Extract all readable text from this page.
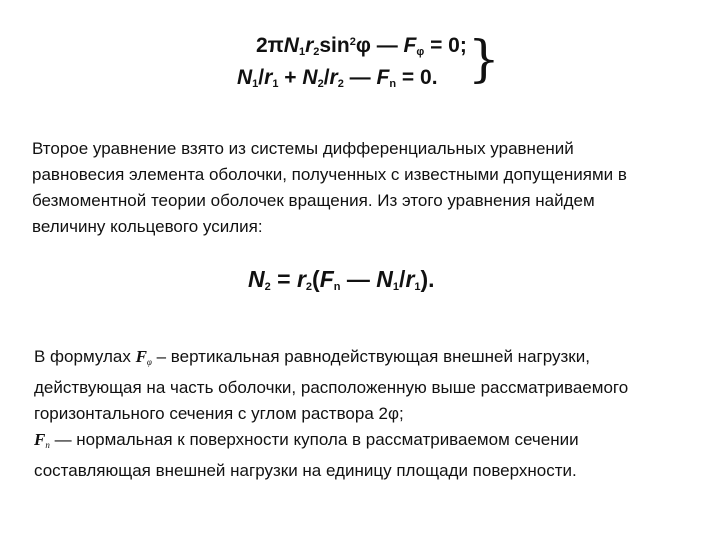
$2\pi N_1r_2\sin^2\varphi$ — $F_\varphi = 0$;
$N_1/r_1 + N_2/r_2$ — $F_n = 0$. }
Второе уравнение взято из системы дифференциальных уравнений
равновесия элемента оболочки, полученных с известными допущениями в
безмоментной теории оболочек вращения. Из этого уравнения найдем
величину кольцевого усилия:
$N_2 = r_2(F_n$ — $N_1/r_1$).
В формулах $F_\varphi$ – вертикальная равнодействующая внешней нагрузки,
действующая на часть оболочки, расположенную выше рассматриваемого
горизонтального сечения с углом раствора 2φ;
$F_n$ — нормальная к поверхности купола в рассматриваемом сечении
составляющая внешней нагрузки на единицу площади поверхности.
